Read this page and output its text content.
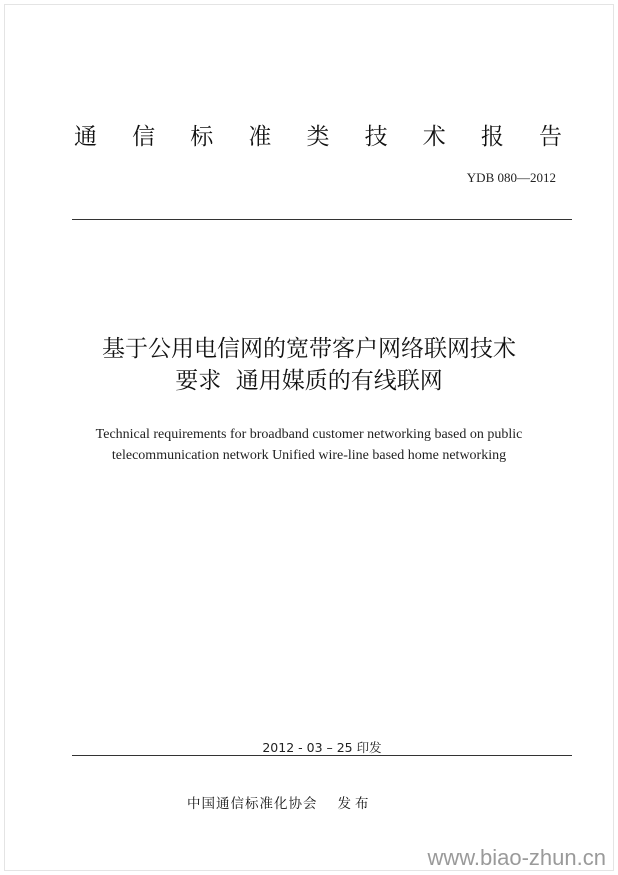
通 信 标 准 类 技 术 报 告
YDB 080—2012
基于公用电信网的宽带客户网络联网技术
要求  通用媒质的有线联网
Technical requirements for broadband customer networking based on public
telecommunication network Unified wire-line based home networking
2012 - 03 – 25 印发
中国通信标准化协会 发布
www.biao-zhun.cn
